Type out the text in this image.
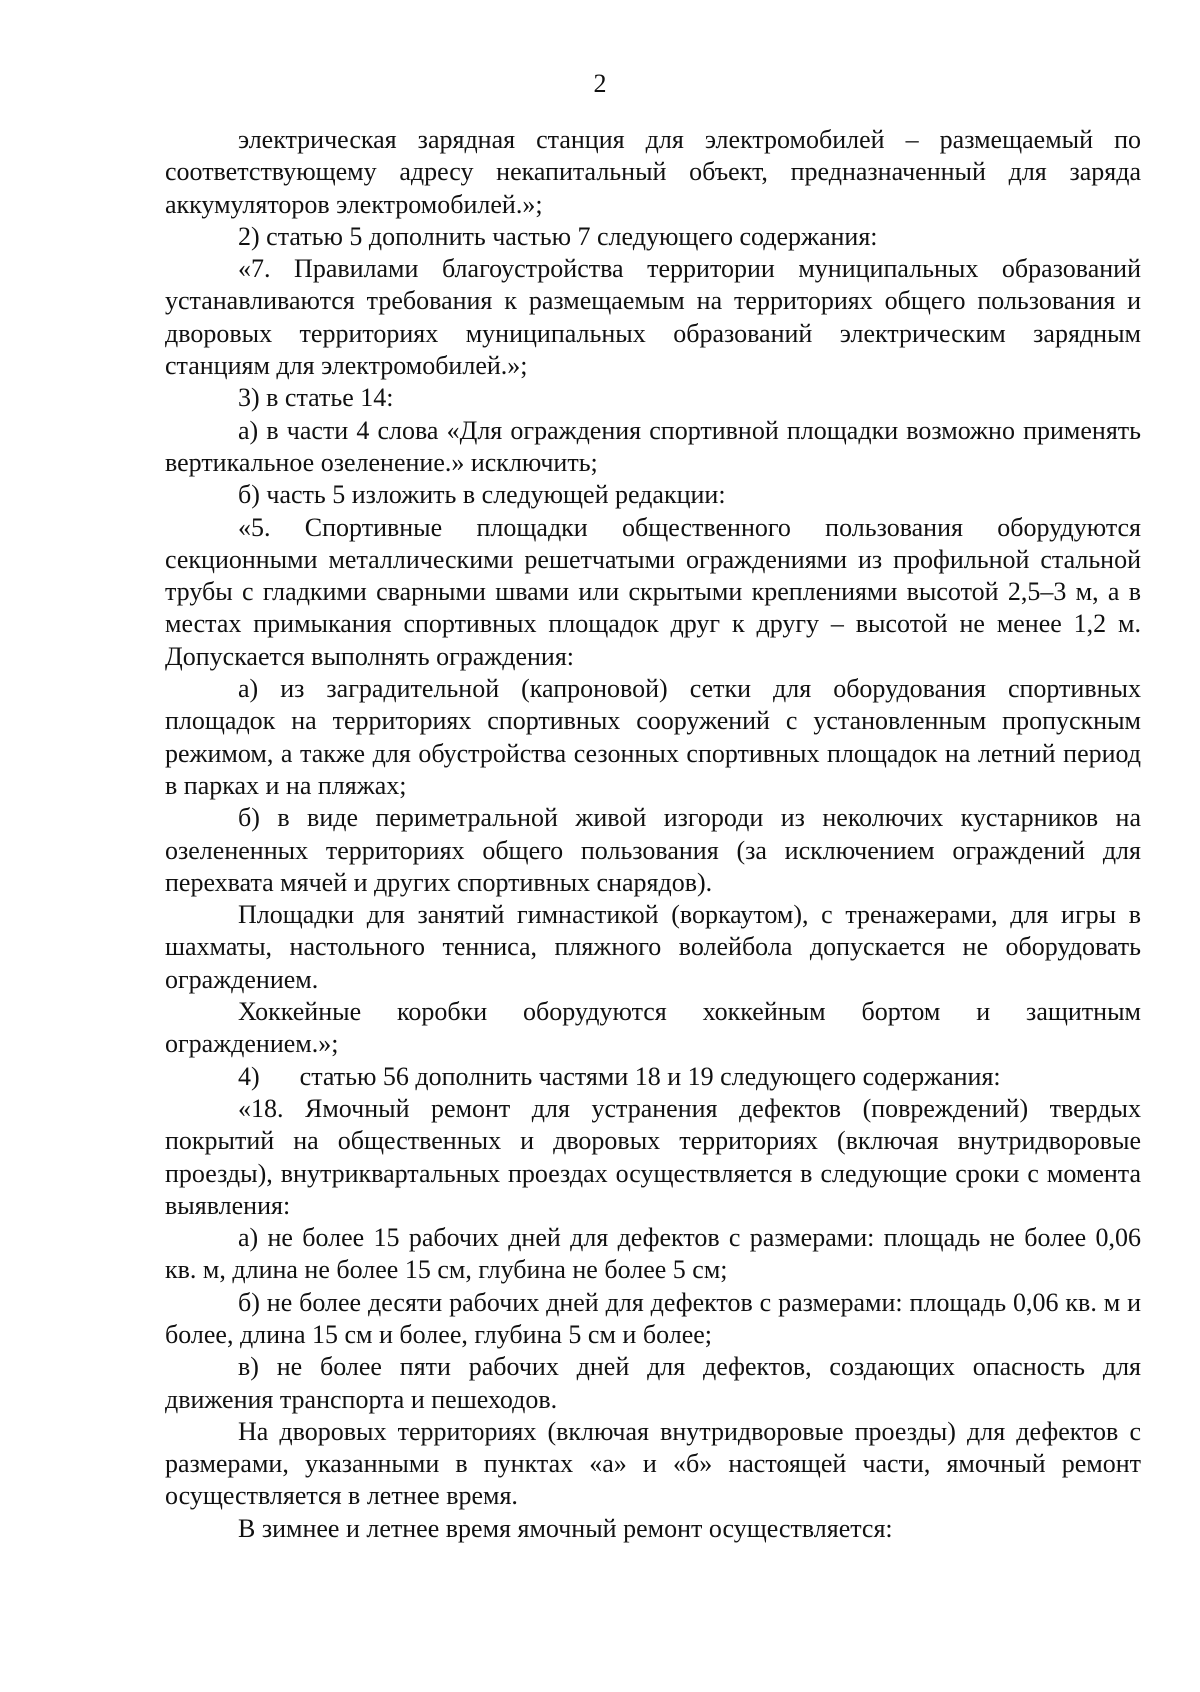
2

электрическая зарядная станция для электромобилей – размещаемый по соответствующему адресу некапитальный объект, предназначенный для заряда аккумуляторов электромобилей.»;

2) статью 5 дополнить частью 7 следующего содержания:

«7. Правилами благоустройства территории муниципальных образований устанавливаются требования к размещаемым на территориях общего пользования и дворовых территориях муниципальных образований электрическим зарядным станциям для электромобилей.»;

3) в статье 14:

а) в части 4 слова «Для ограждения спортивной площадки возможно применять вертикальное озеленение.» исключить;

б) часть 5 изложить в следующей редакции:

«5. Спортивные площадки общественного пользования оборудуются секционными металлическими решетчатыми ограждениями из профильной стальной трубы с гладкими сварными швами или скрытыми креплениями высотой 2,5–3 м, а в местах примыкания спортивных площадок друг к другу – высотой не менее 1,2 м. Допускается выполнять ограждения:

а) из заградительной (капроновой) сетки для оборудования спортивных площадок на территориях спортивных сооружений с установленным пропускным режимом, а также для обустройства сезонных спортивных площадок на летний период в парках и на пляжах;

б) в виде периметральной живой изгороди из неколючих кустарников на озелененных территориях общего пользования (за исключением ограждений для перехвата мячей и других спортивных снарядов).

Площадки для занятий гимнастикой (воркаутом), с тренажерами, для игры в шахматы, настольного тенниса, пляжного волейбола допускается не оборудовать ограждением.

Хоккейные коробки оборудуются хоккейным бортом и защитным ограждением.»;

4) статью 56 дополнить частями 18 и 19 следующего содержания:

«18. Ямочный ремонт для устранения дефектов (повреждений) твердых покрытий на общественных и дворовых территориях (включая внутридворовые проезды), внутриквартальных проездах осуществляется в следующие сроки с момента выявления:

а) не более 15 рабочих дней для дефектов с размерами: площадь не более 0,06 кв. м, длина не более 15 см, глубина не более 5 см;

б) не более десяти рабочих дней для дефектов с размерами: площадь 0,06 кв. м и более, длина 15 см и более, глубина 5 см и более;

в) не более пяти рабочих дней для дефектов, создающих опасность для движения транспорта и пешеходов.

На дворовых территориях (включая внутридворовые проезды) для дефектов с размерами, указанными в пунктах «а» и «б» настоящей части, ямочный ремонт осуществляется в летнее время.

В зимнее и летнее время ямочный ремонт осуществляется:
